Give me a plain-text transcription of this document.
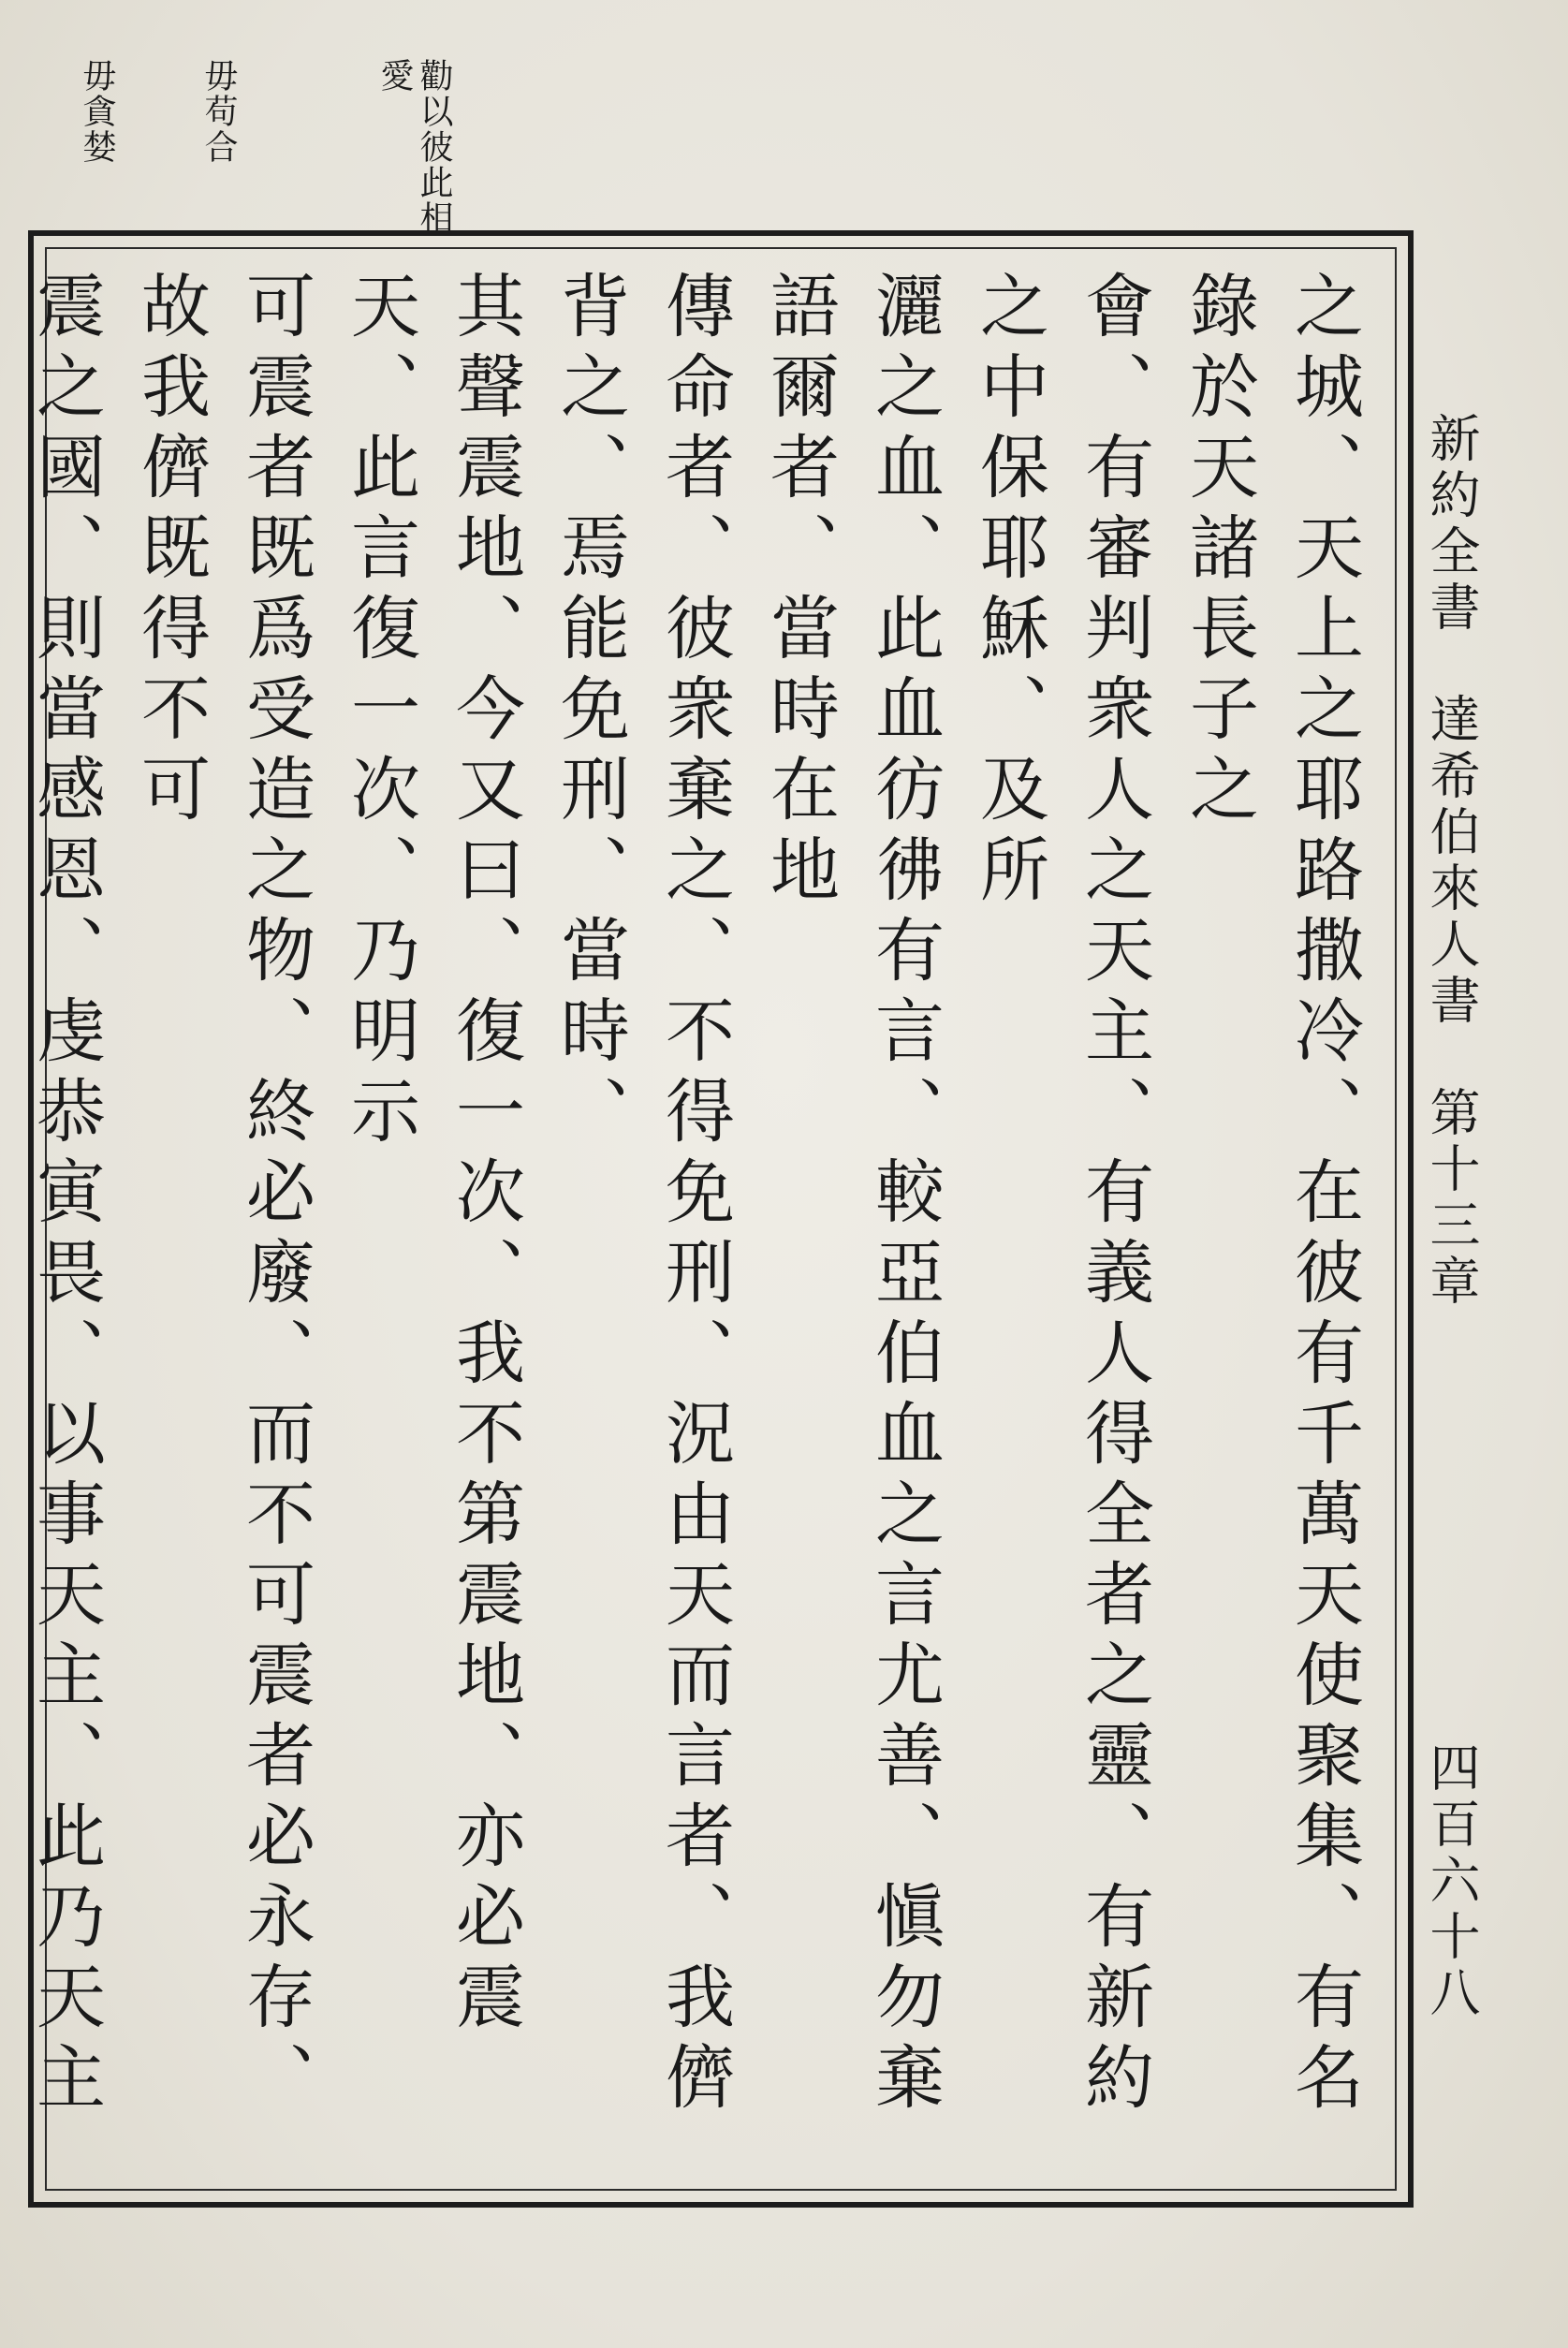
毋貪婪 毋苟合	勸以彼此相愛
新約全書　達希伯來人書　第十三章
四百六十八
之城、天上之耶路撒冷、在彼有千萬天使聚集、有名錄於天諸長子之
會、有審判衆人之天主、有義人得全者之靈、有新約之中保耶穌、及所
灑之血、此血彷彿有言、較亞伯血之言尤善、愼勿棄語爾者、當時在地
傳命者、彼衆棄之、不得免刑、況由天而言者、我儕背之、焉能免刑、當時、
其聲震地、今又曰、復一次、我不第震地、亦必震天、此言復一次、乃明示
可震者既爲受造之物、終必廢、而不可震者必永存、故我儕既得不可
震之國、則當感恩、虔恭寅畏、以事天主、此乃天主
